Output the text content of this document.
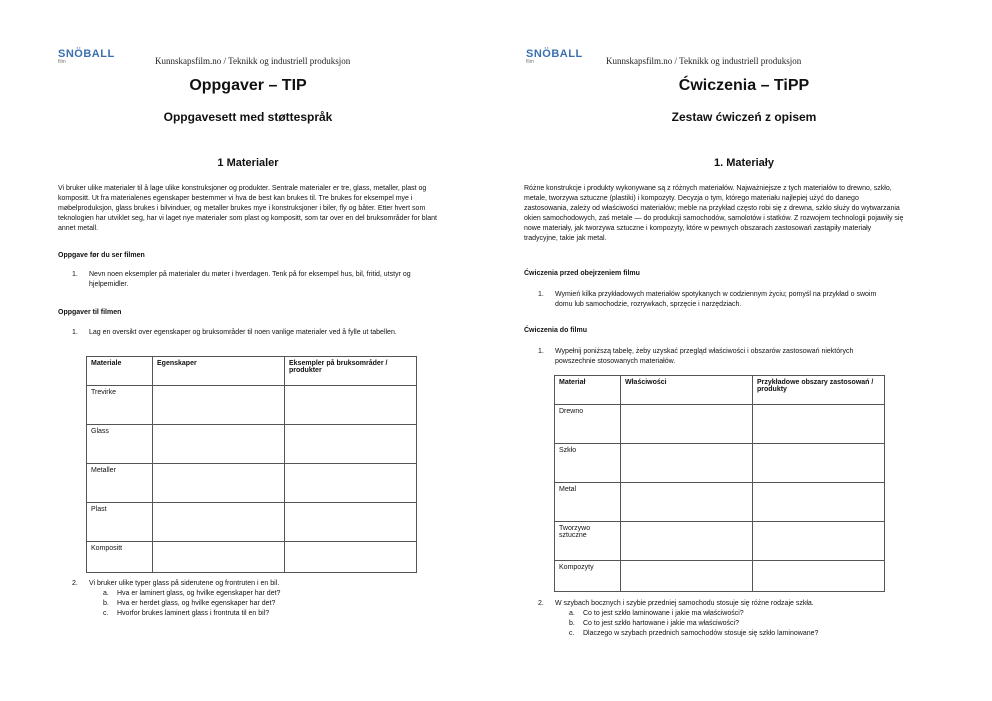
SNÖBALL
film	Kunnskapsfilm.no / Teknikk og industriell produksjon
Oppgaver – TIP
Oppgavesett med støttespråk
1 Materialer
Vi bruker ulike materialer til å lage ulike konstruksjoner og produkter. Sentrale materialer er tre, glass, metaller, plast og kompositt. Ut fra materialenes egenskaper bestemmer vi hva de best kan brukes til. Tre brukes for eksempel mye i møbelproduksjon, glass brukes i bilvinduer, og metaller brukes mye i konstruksjoner i biler, fly og båter. Etter hvert som teknologien har utviklet seg, har vi laget nye materialer som plast og kompositt, som tar over en del bruksområder for blant annet metall.
Oppgave før du ser filmen
1. Nevn noen eksempler på materialer du møter i hverdagen. Tenk på for eksempel hus, bil, fritid, utstyr og hjelpemidler.
Oppgaver til filmen
1. Lag en oversikt over egenskaper og bruksområder til noen vanlige materialer ved å fylle ut tabellen.
Materiale	Egenskaper	Eksempler på bruksområder / produkter
Trevirke		
Glass		
Metaller		
Plast		
Kompositt		
2. Vi bruker ulike typer glass på siderutene og frontruten i en bil.
a. Hva er laminert glass, og hvilke egenskaper har det?
b. Hva er herdet glass, og hvilke egenskaper har det?
c. Hvorfor brukes laminert glass i frontruta til en bil?
SNÖBALL
film	Kunnskapsfilm.no / Teknikk og industriell produksjon
Ćwiczenia – TiPP
Zestaw ćwiczeń z opisem
1. Materiały
Różne konstrukcje i produkty wykonywane są z różnych materiałów. Najważniejsze z tych materiałów to drewno, szkło, metale, tworzywa sztuczne (plastiki) i kompozyty. Decyzja o tym, którego materiału najlepiej użyć do danego zastosowania, zależy od właściwości materiałów; meble na przykład często robi się z drewna, szkło służy do wytwarzania okien samochodowych, zaś metale — do produkcji samochodów, samolotów i statków. Z rozwojem technologii pojawiły się nowe materiały, jak tworzywa sztuczne i kompozyty, które w pewnych obszarach zastosowań zastąpiły materiały tradycyjne, takie jak metal.
Ćwiczenia przed obejrzeniem filmu
1. Wymień kilka przykładowych materiałów spotykanych w codziennym życiu; pomyśl na przykład o swoim domu lub samochodzie, rozrywkach, sprzęcie i narzędziach.
Ćwiczenia do filmu
1. Wypełnij poniższą tabelę, żeby uzyskać przegląd właściwości i obszarów zastosowań niektórych powszechnie stosowanych materiałów.
Materiał	Właściwości	Przykładowe obszary zastosowań / produkty
Drewno		
Szkło		
Metal		
Tworzywo sztuczne		
Kompozyty		
2. W szybach bocznych i szybie przedniej samochodu stosuje się różne rodzaje szkła.
a. Co to jest szkło laminowane i jakie ma właściwości?
b. Co to jest szkło hartowane i jakie ma właściwości?
c. Dlaczego w szybach przednich samochodów stosuje się szkło laminowane?
